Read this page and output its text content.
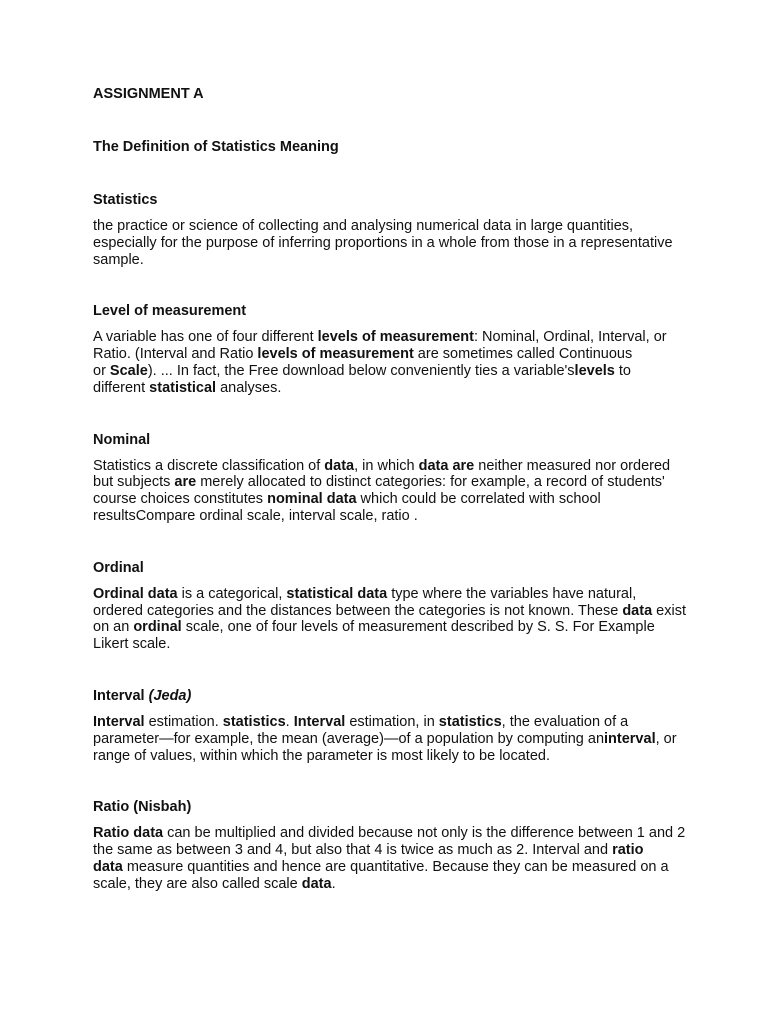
ASSIGNMENT A
The Definition of Statistics Meaning
Statistics

the practice or science of collecting and analysing numerical data in large quantities,
especially for the purpose of inferring proportions in a whole from those in a representative
sample.

Level of measurement

A variable has one of four different levels of measurement: Nominal, Ordinal, Interval, or
Ratio. (Interval and Ratio levels of measurement are sometimes called Continuous
or Scale). ... In fact, the Free download below conveniently ties a variable'slevels to
different statistical analyses.

Nominal

Statistics a discrete classification of data, in which data are neither measured nor ordered
but subjects are merely allocated to distinct categories: for example, a record of students'
course choices constitutes nominal data which could be correlated with school
resultsCompare ordinal scale, interval scale, ratio .

Ordinal

Ordinal data is a categorical, statistical data type where the variables have natural,
ordered categories and the distances between the categories is not known. These data exist
on an ordinal scale, one of four levels of measurement described by S. S. For Example
Likert scale.

Interval (Jeda)

Interval estimation. statistics. Interval estimation, in statistics, the evaluation of a
parameter—for example, the mean (average)—of a population by computing aninterval, or
range of values, within which the parameter is most likely to be located.

Ratio (Nisbah)

Ratio data can be multiplied and divided because not only is the difference between 1 and 2
the same as between 3 and 4, but also that 4 is twice as much as 2. Interval and ratio
data measure quantities and hence are quantitative. Because they can be measured on a
scale, they are also called scale data.
